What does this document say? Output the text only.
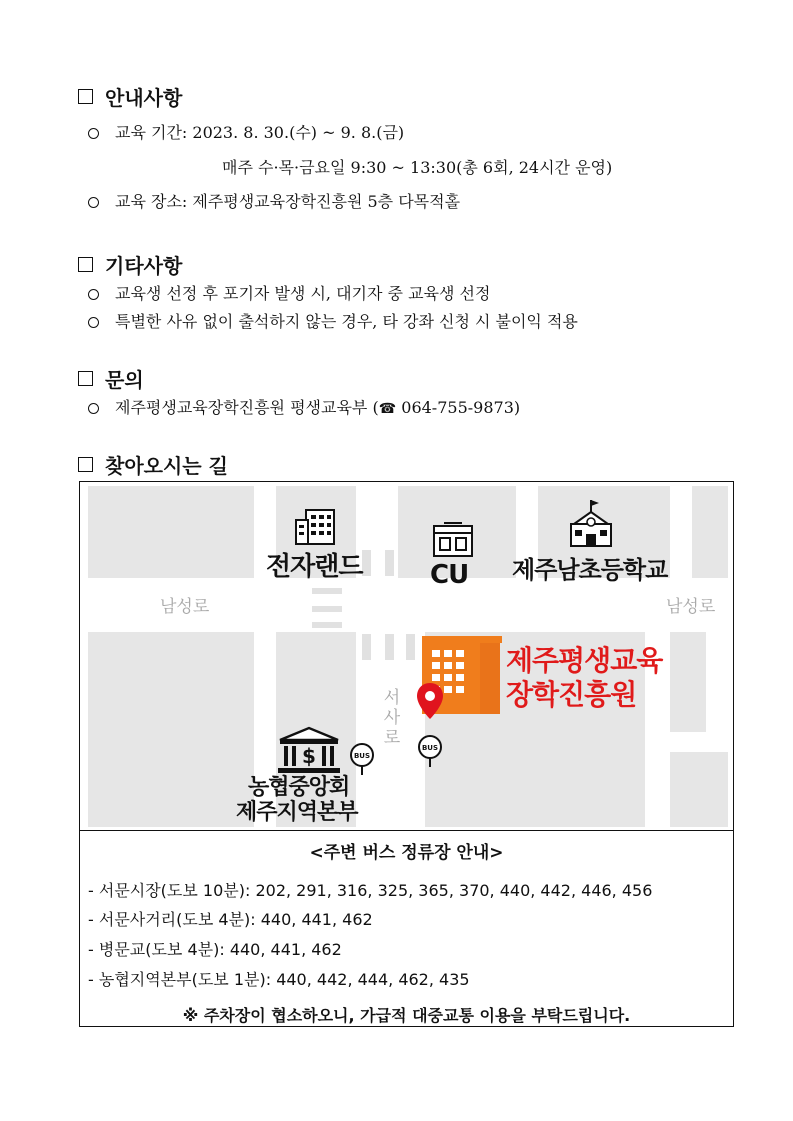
안내사항
교육 기간: 2023. 8. 30.(수) ~ 9. 8.(금)
매주 수·목·금요일 9:30 ~ 13:30(총 6회, 24시간 운영)
교육 장소: 제주평생교육장학진흥원 5층 다목적홀
기타사항
교육생 선정 후 포기자 발생 시, 대기자 중 교육생 선정
특별한 사유 없이 출석하지 않는 경우, 타 강좌 신청 시 불이익 적용
문의
제주평생교육장학진흥원 평생교육부 (☎ 064-755-9873)
찾아오시는 길
남성로	남성로
서
사
로
전자랜드	CU 제주남초등학교
제주평생교육
장학진흥원
$	BUS
BUS
농협중앙회
제주지역본부
<주변 버스 정류장 안내>
- 서문시장(도보 10분): 202, 291, 316, 325, 365, 370, 440, 442, 446, 456
- 서문사거리(도보 4분): 440, 441, 462
- 병문교(도보 4분): 440, 441, 462
- 농협지역본부(도보 1분): 440, 442, 444, 462, 435
※ 주차장이 협소하오니, 가급적 대중교통 이용을 부탁드립니다.
